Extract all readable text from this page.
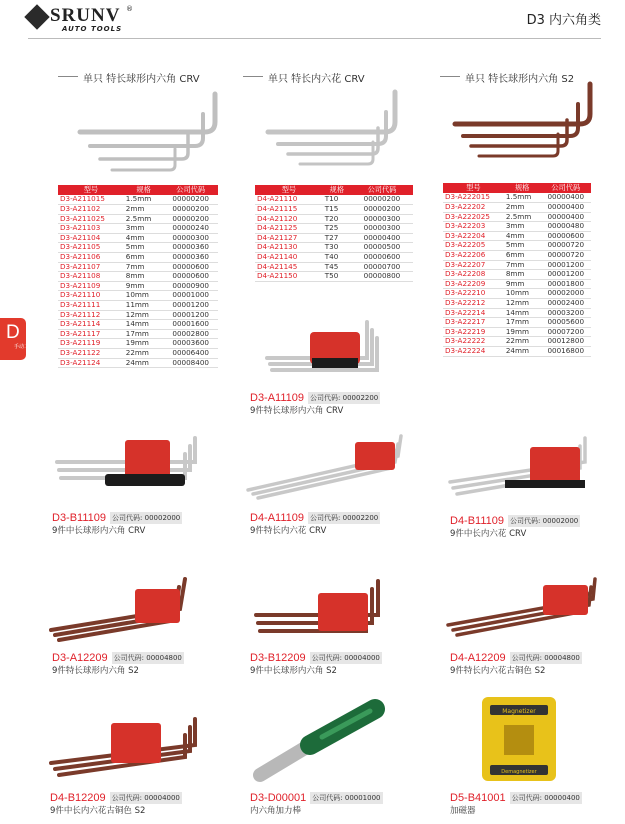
SRUNV ®
AUTO TOOLS
D3 内六角类
D
手动工具
单只 特长球形内六角 CRV	单只 特长内六花 CRV	单只 特长球形内六角 S2
型号	规格	公司代码
D3-A211015	1.5mm	00000200
D3-A21102	2mm	00000200
D3-A211025	2.5mm	00000200
D3-A21103	3mm	00000240
D3-A21104	4mm	00000300
D3-A21105	5mm	00000360
D3-A21106	6mm	00000360
D3-A21107	7mm	00000600
D3-A21108	8mm	00000600
D3-A21109	9mm	00000900
D3-A21110	10mm	00001000
D3-A21111	11mm	00001200
D3-A21112	12mm	00001200
D3-A21114	14mm	00001600
D3-A21117	17mm	00002800
D3-A21119	19mm	00003600
D3-A21122	22mm	00006400
D3-A21124	24mm	00008400
型号	规格	公司代码
D4-A21110	T10	00000200
D4-A21115	T15	00000200
D4-A21120	T20	00000300
D4-A21125	T25	00000300
D4-A21127	T27	00000400
D4-A21130	T30	00000500
D4-A21140	T40	00000600
D4-A21145	T45	00000700
D4-A21150	T50	00000800
型号	规格	公司代码
D3-A222015	1.5mm	00000400
D3-A22202	2mm	00000400
D3-A222025	2.5mm	00000400
D3-A22203	3mm	00000480
D3-A22204	4mm	00000600
D3-A22205	5mm	00000720
D3-A22206	6mm	00000720
D3-A22207	7mm	00001200
D3-A22208	8mm	00001200
D3-A22209	9mm	00001800
D3-A22210	10mm	00002000
D3-A22212	12mm	00002400
D3-A22214	14mm	00003200
D3-A22217	17mm	00005600
D3-A22219	19mm	00007200
D3-A22222	22mm	00012800
D3-A22224	24mm	00016800
Magnetizer
Demagnetizer
D3-A11109 公司代码: 00002200
9件特长球形内六角 CRV
D3-B11109 公司代码: 00002000
9件中长球形内六角 CRV
D4-A11109 公司代码: 00002200
9件特长内六花 CRV
D4-B11109 公司代码: 00002000
9件中长内六花 CRV
D3-A12209 公司代码: 00004800
9件特长球形内六角 S2
D3-B12209 公司代码: 00004000
9件中长球形内六角 S2
D4-A12209 公司代码: 00004800
9件特长内六花古铜色 S2
D4-B12209 公司代码: 00004000
9件中长内六花古铜色 S2
D3-D00001 公司代码: 00001000
内六角加力棒
D5-B41001 公司代码: 00000400
加磁器
